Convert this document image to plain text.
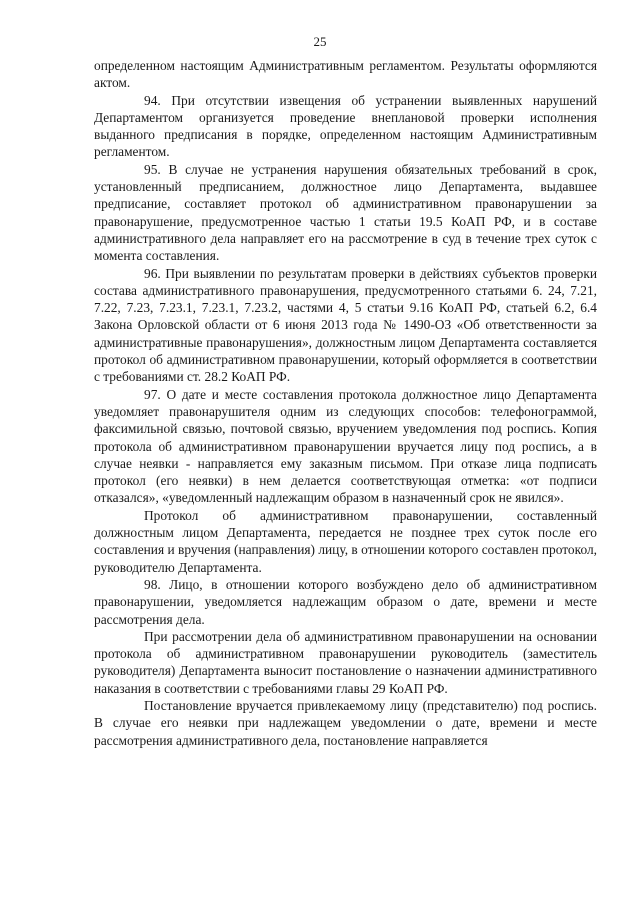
25

определенном настоящим Административным регламентом. Результаты оформляются актом.

94. При отсутствии извещения об устранении выявленных нарушений Департаментом организуется проведение внеплановой проверки исполнения выданного предписания в порядке, определенном настоящим Административным регламентом.

95. В случае не устранения нарушения обязательных требований в срок, установленный предписанием, должностное лицо Департамента, выдавшее предписание, составляет протокол об административном правонарушении за правонарушение, предусмотренное частью 1 статьи 19.5 КоАП РФ, и в составе административного дела направляет его на рассмотрение в суд в течение трех суток с момента составления.

96. При выявлении по результатам проверки в действиях субъектов проверки состава административного правонарушения, предусмотренного статьями 6. 24, 7.21, 7.22, 7.23, 7.23.1, 7.23.1, 7.23.2, частями 4, 5 статьи 9.16 КоАП РФ, статьей 6.2, 6.4 Закона Орловской области от 6 июня 2013 года № 1490-ОЗ «Об ответственности за административные правонарушения», должностным лицом Департамента составляется протокол об административном правонарушении, который оформляется в соответствии с требованиями ст. 28.2 КоАП РФ.

97. О дате и месте составления протокола должностное лицо Департамента уведомляет правонарушителя одним из следующих способов: телефонограммой, факсимильной связью, почтовой связью, вручением уведомления под роспись. Копия протокола об административном правонарушении вручается лицу под роспись, а в случае неявки - направляется ему заказным письмом. При отказе лица подписать протокол (его неявки) в нем делается соответствующая отметка: «от подписи отказался», «уведомленный надлежащим образом в назначенный срок не явился».

Протокол об административном правонарушении, составленный должностным лицом Департамента, передается не позднее трех суток после его составления и вручения (направления) лицу, в отношении которого составлен протокол, руководителю Департамента.

98. Лицо, в отношении которого возбуждено дело об административном правонарушении, уведомляется надлежащим образом о дате, времени и месте рассмотрения дела.

При рассмотрении дела об административном правонарушении на основании протокола об административном правонарушении руководитель (заместитель руководителя) Департамента выносит постановление о назначении административного наказания в соответствии с требованиями главы 29 КоАП РФ.

Постановление вручается привлекаемому лицу (представителю) под роспись. В случае его неявки при надлежащем уведомлении о дате, времени и месте рассмотрения административного дела, постановление направляется
